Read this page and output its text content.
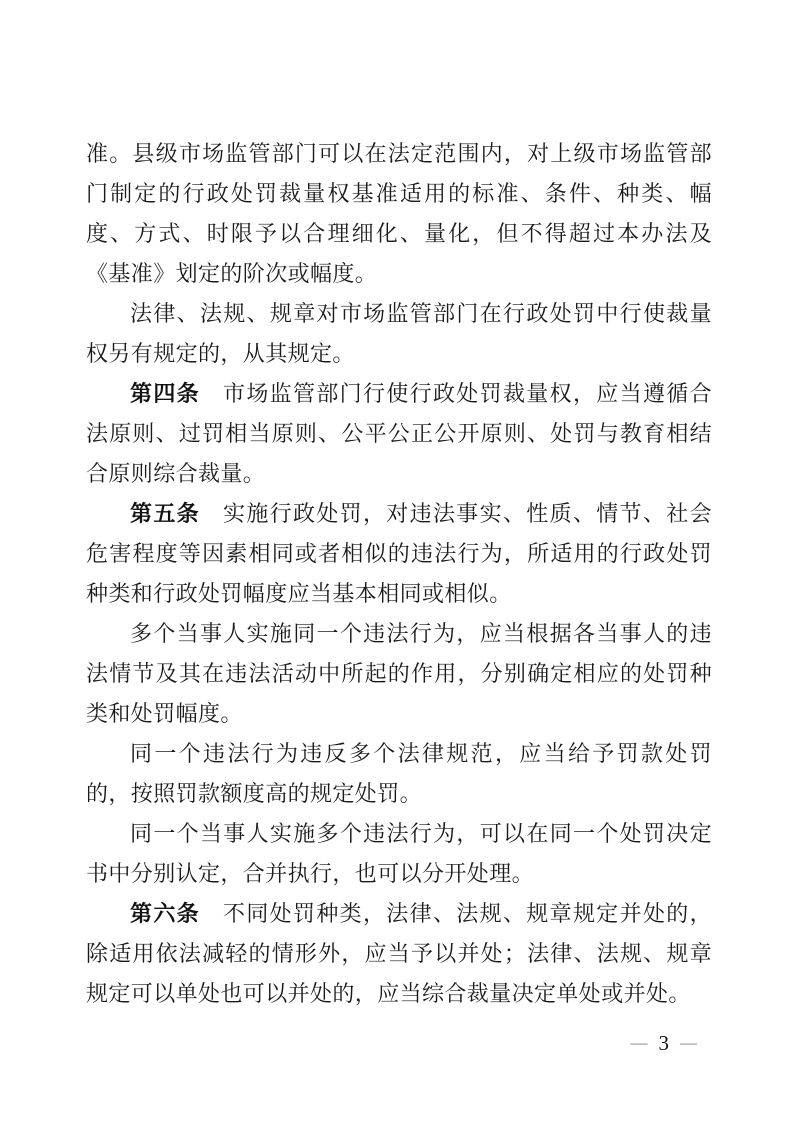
准。县级市场监管部门可以在法定范围内，对上级市场监管部门制定的行政处罚裁量权基准适用的标准、条件、种类、幅度、方式、时限予以合理细化、量化，但不得超过本办法及《基准》划定的阶次或幅度。

法律、法规、规章对市场监管部门在行政处罚中行使裁量权另有规定的，从其规定。

第四条 市场监管部门行使行政处罚裁量权，应当遵循合法原则、过罚相当原则、公平公正公开原则、处罚与教育相结合原则综合裁量。

第五条 实施行政处罚，对违法事实、性质、情节、社会危害程度等因素相同或者相似的违法行为，所适用的行政处罚种类和行政处罚幅度应当基本相同或相似。

多个当事人实施同一个违法行为，应当根据各当事人的违法情节及其在违法活动中所起的作用，分别确定相应的处罚种类和处罚幅度。

同一个违法行为违反多个法律规范，应当给予罚款处罚的，按照罚款额度高的规定处罚。

同一个当事人实施多个违法行为，可以在同一个处罚决定书中分别认定，合并执行，也可以分开处理。

第六条 不同处罚种类，法律、法规、规章规定并处的，除适用依法减轻的情形外，应当予以并处；法律、法规、规章规定可以单处也可以并处的，应当综合裁量决定单处或并处。

— 3 —
